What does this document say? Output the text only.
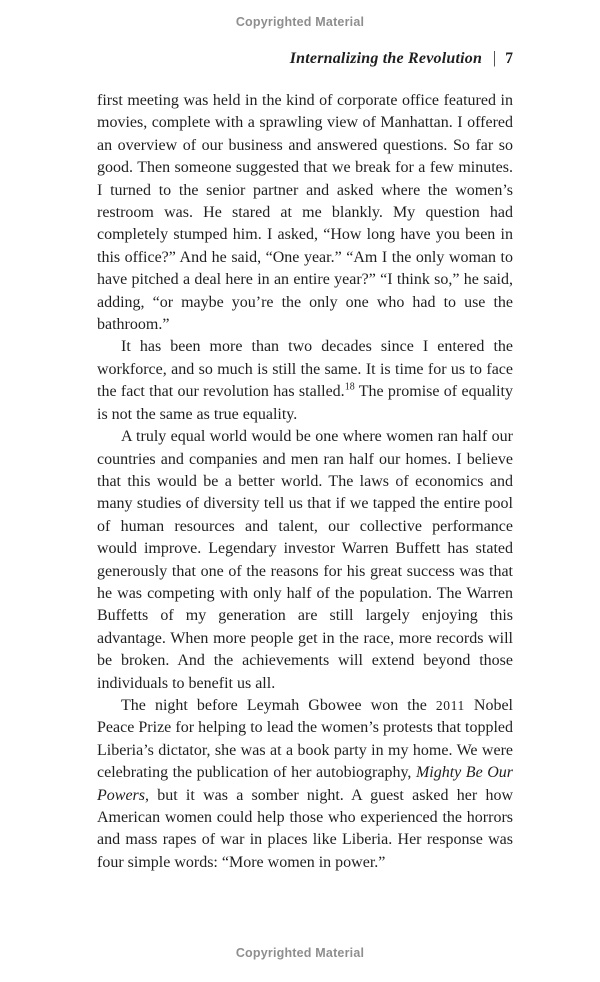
Copyrighted Material
Internalizing the Revolution | 7

first meeting was held in the kind of corporate office featured in movies, complete with a sprawling view of Manhattan. I offered an overview of our business and answered questions. So far so good. Then someone suggested that we break for a few minutes. I turned to the senior partner and asked where the women’s restroom was. He stared at me blankly. My question had completely stumped him. I asked, “How long have you been in this office?” And he said, “One year.” “Am I the only woman to have pitched a deal here in an entire year?” “I think so,” he said, adding, “or maybe you’re the only one who had to use the bathroom.”

It has been more than two decades since I entered the workforce, and so much is still the same. It is time for us to face the fact that our revolution has stalled.$^{18}$ The promise of equality is not the same as true equality.

A truly equal world would be one where women ran half our countries and companies and men ran half our homes. I believe that this would be a better world. The laws of economics and many studies of diversity tell us that if we tapped the entire pool of human resources and talent, our collective performance would improve. Legendary investor Warren Buffett has stated generously that one of the reasons for his great success was that he was competing with only half of the population. The Warren Buffetts of my generation are still largely enjoying this advantage. When more people get in the race, more records will be broken. And the achievements will extend beyond those individuals to benefit us all.

The night before Leymah Gbowee won the 2011 Nobel Peace Prize for helping to lead the women’s protests that toppled Liberia’s dictator, she was at a book party in my home. We were celebrating the publication of her autobiography, Mighty Be Our Powers, but it was a somber night. A guest asked her how American women could help those who experienced the horrors and mass rapes of war in places like Liberia. Her response was four simple words: “More women in power.”

Copyrighted Material
